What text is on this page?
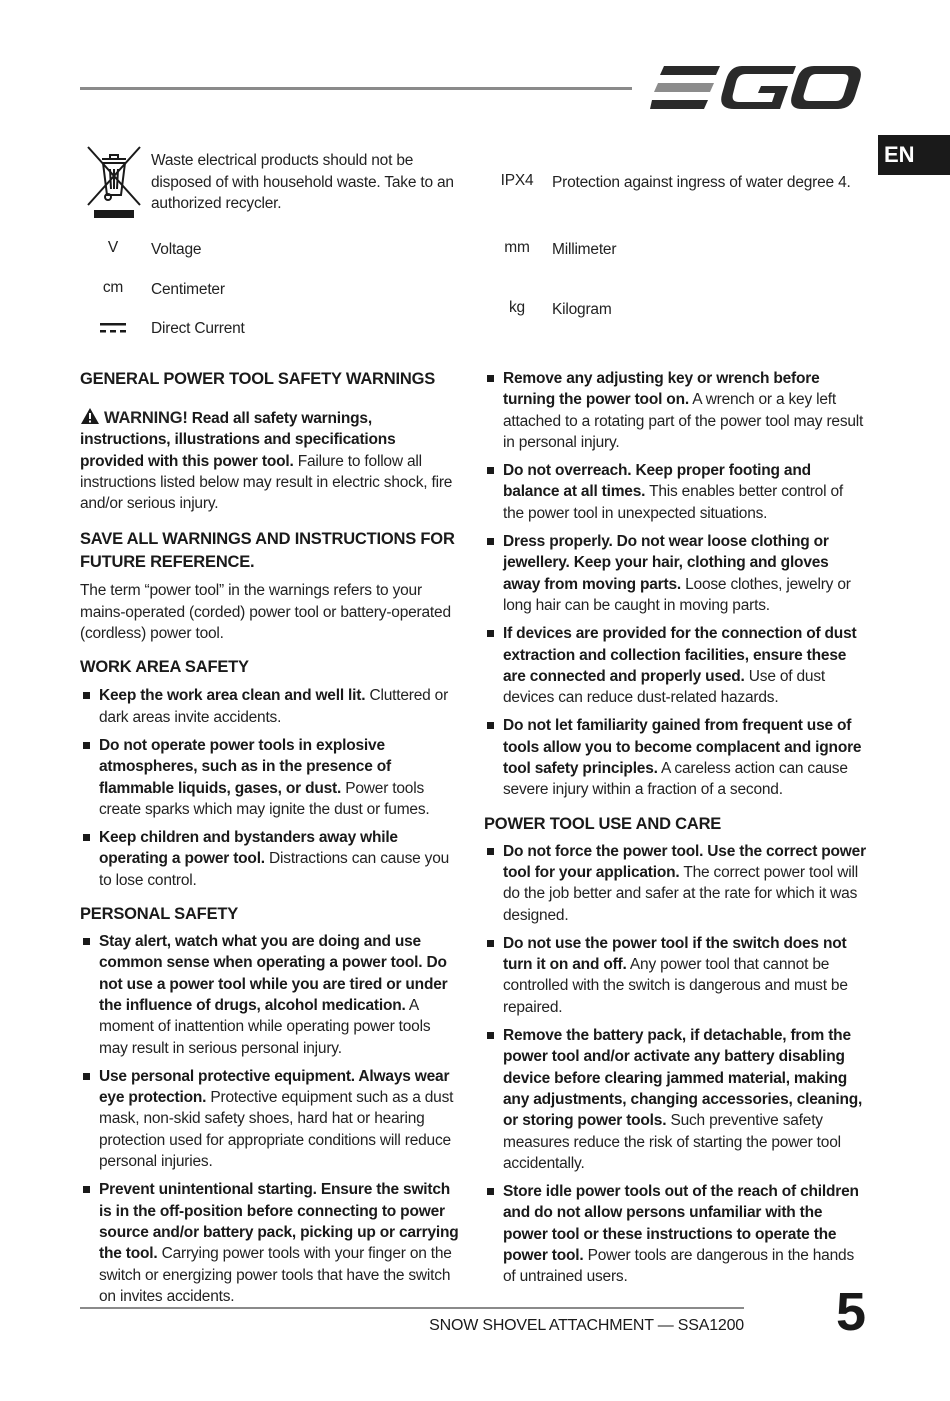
EN
Waste electrical products should not be disposed of with household waste. Take to an authorized recycler.
V	Voltage
cm	Centimeter
Direct Current
IPX4 Protection against ingress of water degree 4.
mm	Millimeter
kg	Kilogram
GENERAL POWER TOOL SAFETY WARNINGS

WARNING! Read all safety warnings, instructions, illustrations and specifications provided with this power tool. Failure to follow all instructions listed below may result in electric shock, fire and/or serious injury.

SAVE ALL WARNINGS AND INSTRUCTIONS FOR FUTURE REFERENCE.

The term “power tool” in the warnings refers to your mains-operated (corded) power tool or battery-operated (cordless) power tool.

WORK AREA SAFETY
Keep the work area clean and well lit. Cluttered or dark areas invite accidents.
Do not operate power tools in explosive atmospheres, such as in the presence of flammable liquids, gases, or dust. Power tools create sparks which may ignite the dust or fumes.
Keep children and bystanders away while operating a power tool. Distractions can cause you to lose control.
PERSONAL SAFETY
Stay alert, watch what you are doing and use common sense when operating a power tool. Do not use a power tool while you are tired or under the influence of drugs, alcohol medication. A moment of inattention while operating power tools may result in serious personal injury.
Use personal protective equipment. Always wear eye protection. Protective equipment such as a dust mask, non-skid safety shoes, hard hat or hearing protection used for appropriate conditions will reduce personal injuries.
Prevent unintentional starting. Ensure the switch is in the off-position before connecting to power source and/or battery pack, picking up or carrying the tool. Carrying power tools with your finger on the switch or energizing power tools that have the switch on invites accidents.
Remove any adjusting key or wrench before turning the power tool on. A wrench or a key left attached to a rotating part of the power tool may result in personal injury.
Do not overreach. Keep proper footing and balance at all times. This enables better control of the power tool in unexpected situations.
Dress properly. Do not wear loose clothing or jewellery. Keep your hair, clothing and gloves away from moving parts. Loose clothes, jewelry or long hair can be caught in moving parts.
If devices are provided for the connection of dust extraction and collection facilities, ensure these are connected and properly used. Use of dust devices can reduce dust-related hazards.
Do not let familiarity gained from frequent use of tools allow you to become complacent and ignore tool safety principles. A careless action can cause severe injury within a fraction of a second.
POWER TOOL USE AND CARE
Do not force the power tool. Use the correct power tool for your application. The correct power tool will do the job better and safer at the rate for which it was designed.
Do not use the power tool if the switch does not turn it on and off. Any power tool that cannot be controlled with the switch is dangerous and must be repaired.
Remove the battery pack, if detachable, from the power tool and/or activate any battery disabling device before clearing jammed material, making any adjustments, changing accessories, cleaning, or storing power tools. Such preventive safety measures reduce the risk of starting the power tool accidentally.
Store idle power tools out of the reach of children and do not allow persons unfamiliar with the power tool or these instructions to operate the power tool. Power tools are dangerous in the hands of untrained users.
SNOW SHOVEL ATTACHMENT — SSA1200 5
